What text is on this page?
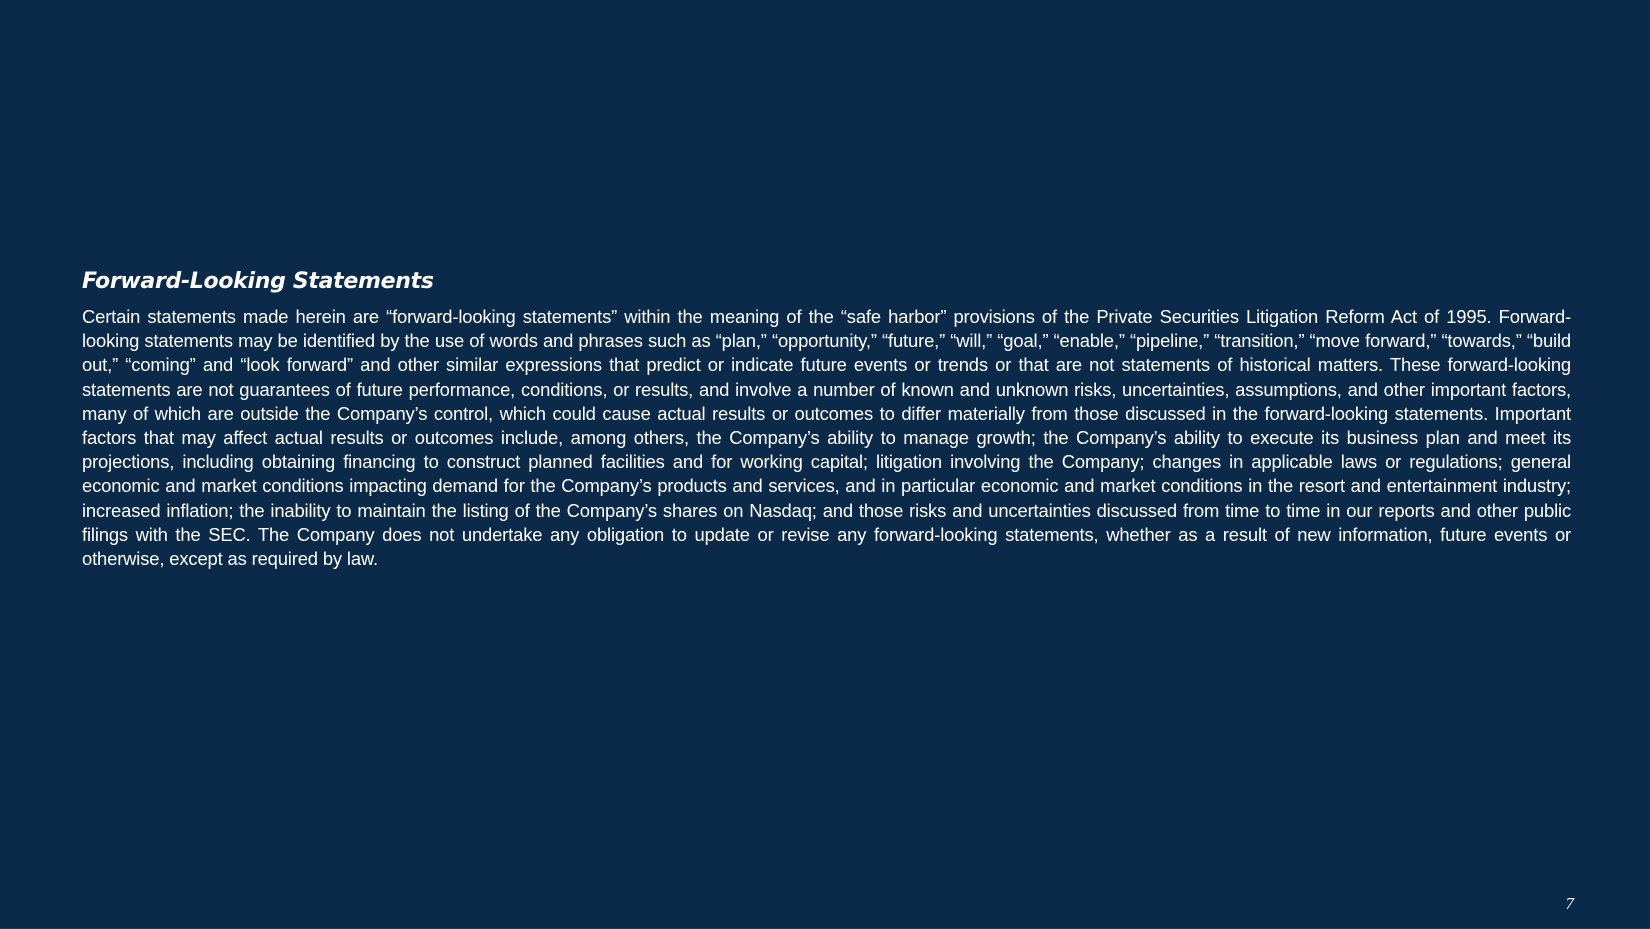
Forward-Looking Statements

Certain statements made herein are “forward-looking statements” within the meaning of the “safe harbor” provisions of the Private Securities Litigation Reform Act of 1995. Forward-looking statements may be identified by the use of words and phrases such as “plan,” “opportunity,” “future,” “will,” “goal,” “enable,” “pipeline,” “transition,” “move forward,” “towards,” “build out,” “coming” and “look forward” and other similar expressions that predict or indicate future events or trends or that are not statements of historical matters. These forward-looking statements are not guarantees of future performance, conditions, or results, and involve a number of known and unknown risks, uncertainties, assumptions, and other important factors, many of which are outside the Company’s control, which could cause actual results or outcomes to differ materially from those discussed in the forward-looking statements. Important factors that may affect actual results or outcomes include, among others, the Company’s ability to manage growth; the Company’s ability to execute its business plan and meet its projections, including obtaining financing to construct planned facilities and for working capital; litigation involving the Company; changes in applicable laws or regulations; general economic and market conditions impacting demand for the Company’s products and services, and in particular economic and market conditions in the resort and entertainment industry; increased inflation; the inability to maintain the listing of the Company’s shares on Nasdaq; and those risks and uncertainties discussed from time to time in our reports and other public filings with the SEC. The Company does not undertake any obligation to update or revise any forward-looking statements, whether as a result of new information, future events or otherwise, except as required by law.

7
